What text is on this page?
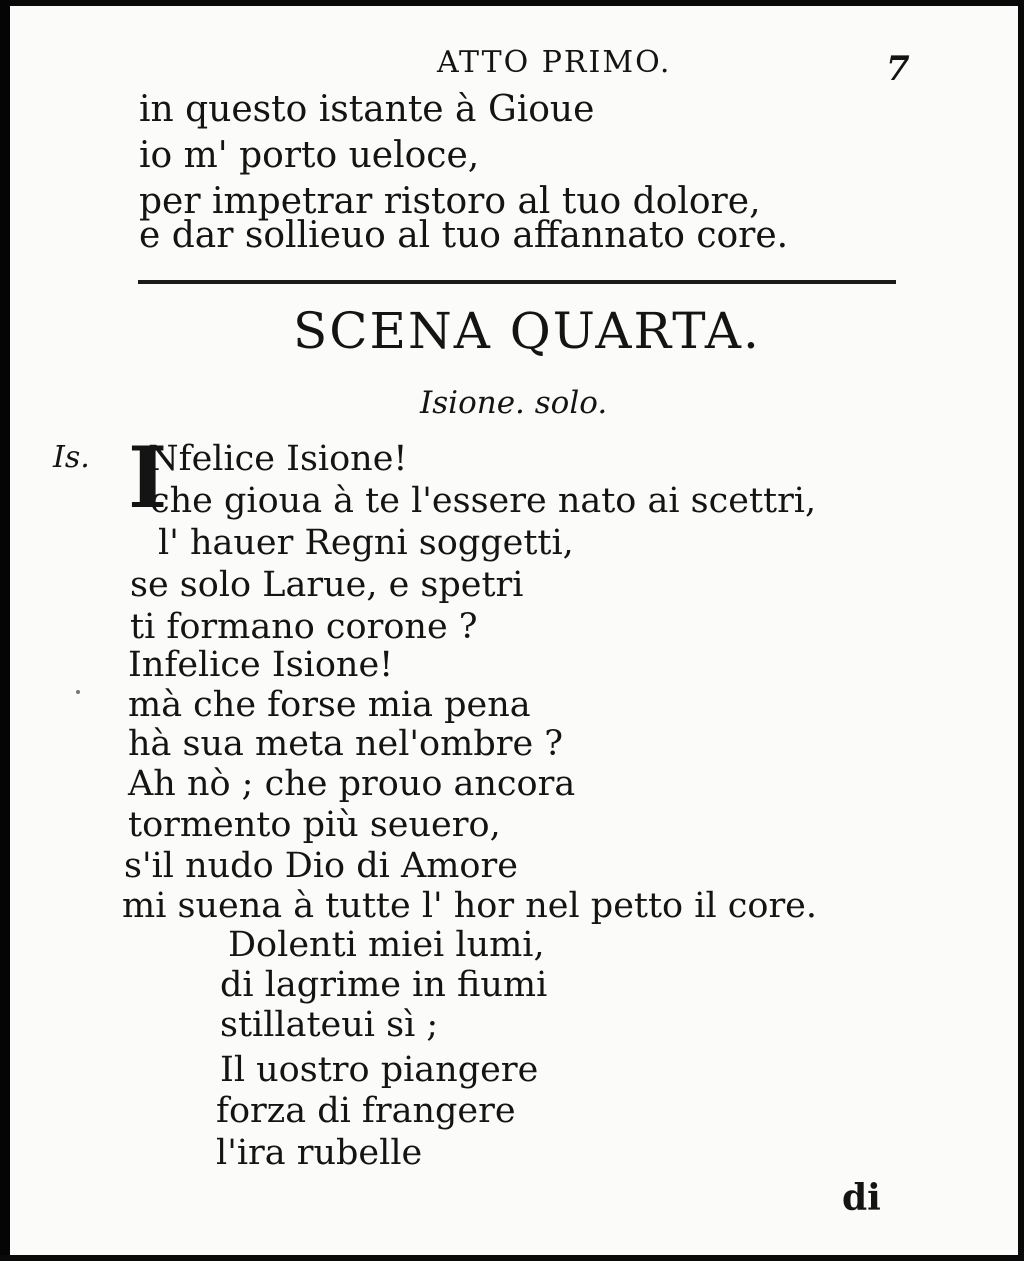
ATTO PRIMO.	7
in questo istante à Gioue
io m' porto ueloce,
per impetrar ristoro al tuo dolore,
e dar sollieuo al tuo affannato core.
SCENA QUARTA.
Isione. solo.
Is. I
Nfelice Isione!
che gioua à te l'essere nato ai scettri,
l' hauer Regni soggetti,
se solo Larue, e spetri
ti formano corone ?
Infelice Isione!
mà che forse mia pena
hà sua meta nel'ombre ?
Ah nò ; che prouo ancora
tormento più seuero,
s'il nudo Dio di Amore
mi suena à tutte l' hor nel petto il core.
Dolenti miei lumi,
di lagrime in fiumi
stillateui sì ;
Il uostro piangere
forza di frangere
l'ira rubelle
di
